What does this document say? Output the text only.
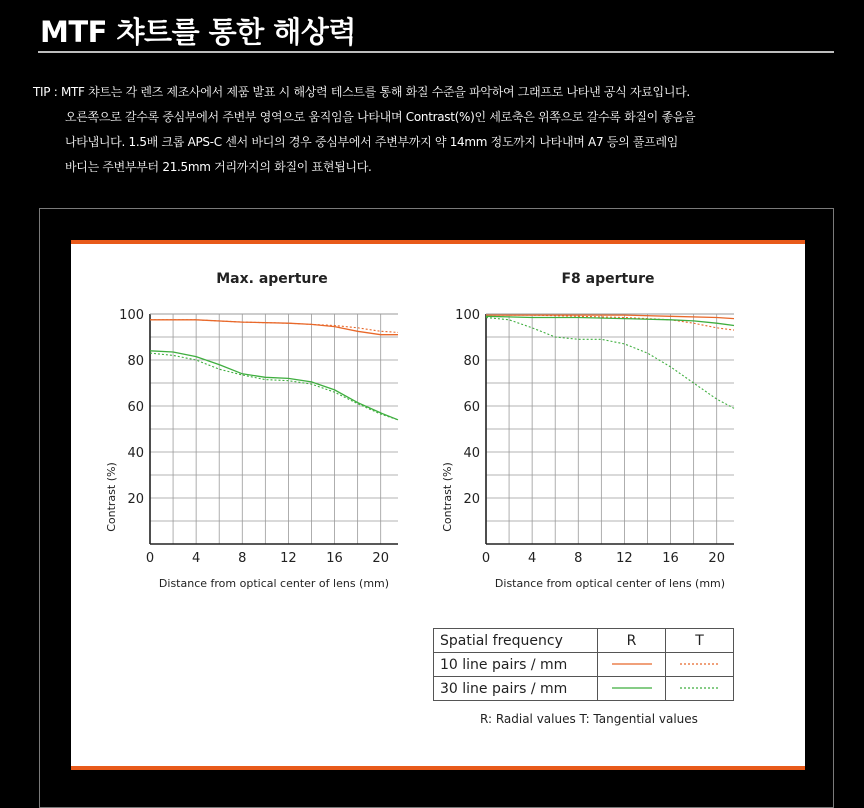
MTF 챠트를 통한 해상력
TIP : MTF 챠트는 각 렌즈 제조사에서 제품 발표 시 해상력 테스트를 통해 화질 수준을 파악하여 그래프로 나타낸 공식 자료입니다.
오른쪽으로 갈수록 중심부에서 주변부 영역으로 움직임을 나타내며 Contrast(%)인 세로축은 위쪽으로 갈수록 화질이 좋음을
나타냅니다. 1.5배 크롭 APS-C 센서 바디의 경우 중심부에서 주변부까지 약 14mm 정도까지 나타내며 A7 등의 풀프레임
바디는 주변부부터 21.5mm 거리까지의 화질이 표현됩니다.
20
40
60
80
100
0	4	8	12 16 20
Max. aperture
Distance from optical center of lens (mm)
Contrast (%)	20
40
60
80
100
0	4	8	12 16 20
F8 aperture
Distance from optical center of lens (mm)
Contrast (%)
Spatial frequency	R	T
10 line pairs / mm		
30 line pairs / mm		
R: Radial values T: Tangential values
